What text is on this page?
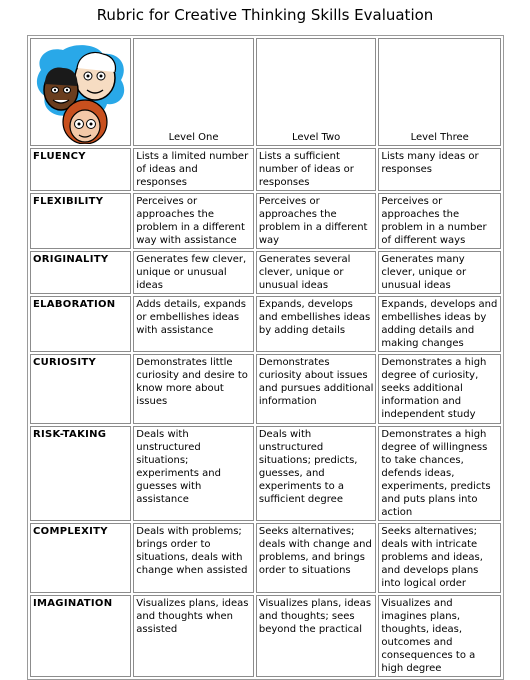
Rubric for Creative Thinking Skills Evaluation
	Level One	Level Two	Level Three
FLUENCY	Lists a limited number of ideas and responses	Lists a sufficient number of ideas or responses	Lists many ideas or responses
FLEXIBILITY	Perceives or approaches the problem in a different way with assistance	Perceives or approaches the problem in a different way	Perceives or approaches the problem in a number of different ways
ORIGINALITY	Generates few clever, unique or unusual ideas	Generates several clever, unique or unusual ideas	Generates many clever, unique or unusual ideas
ELABORATION	Adds details, expands or embellishes ideas with assistance	Expands, develops and embellishes ideas by adding details	Expands, develops and embellishes ideas by adding details and making changes
CURIOSITY	Demonstrates little curiosity and desire to know more about issues	Demonstrates curiosity about issues and pursues additional information	Demonstrates a high degree of curiosity, seeks additional information and independent study
RISK-TAKING	Deals with unstructured situations; experiments and guesses with assistance	Deals with unstructured situations; predicts, guesses, and experiments to a sufficient degree	Demonstrates a high degree of willingness to take chances, defends ideas, experiments, predicts and puts plans into action
COMPLEXITY	Deals with problems; brings order to situations, deals with change when assisted	Seeks alternatives; deals with change and problems, and brings order to situations	Seeks alternatives; deals with intricate problems and ideas, and develops plans into logical order
IMAGINATION	Visualizes plans, ideas and thoughts when assisted	Visualizes plans, ideas and thoughts; sees beyond the practical	Visualizes and imagines plans, thoughts, ideas, outcomes and consequences to a high degree
